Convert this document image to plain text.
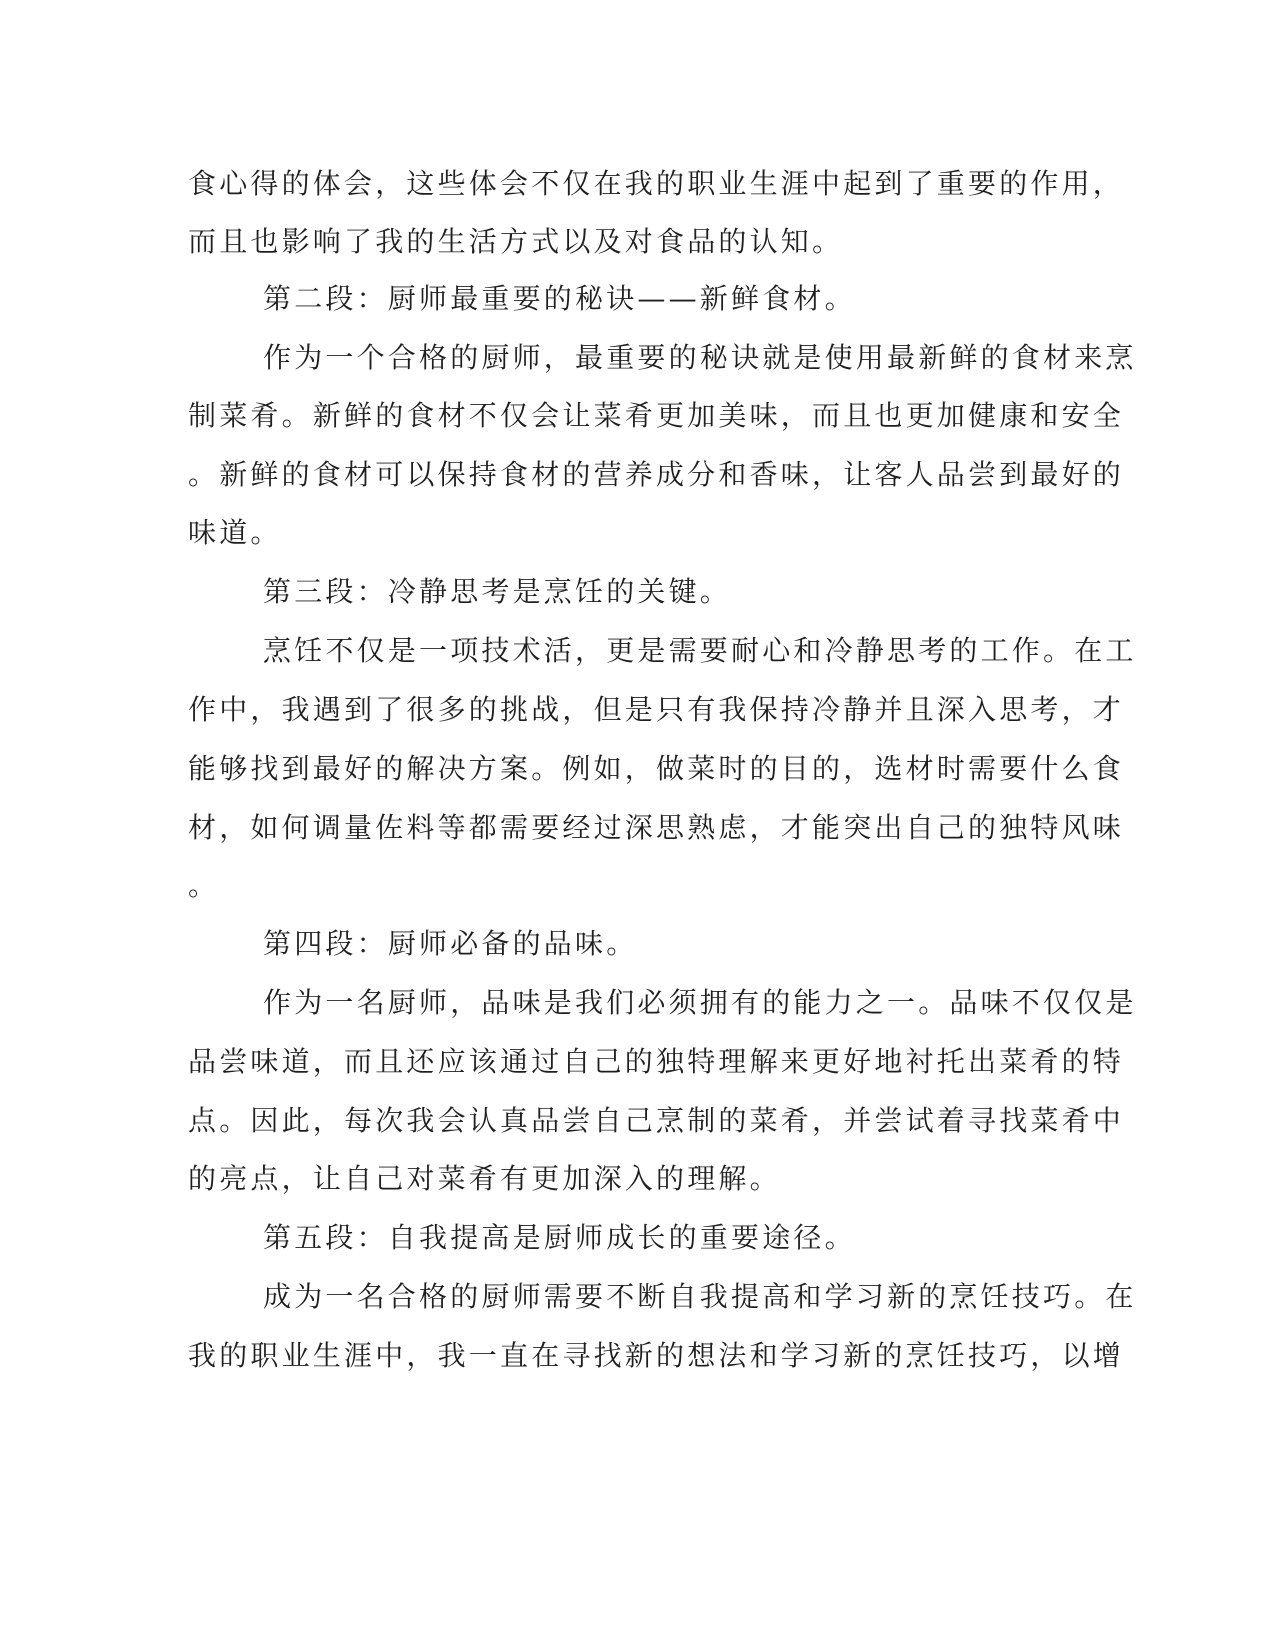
食心得的体会，这些体会不仅在我的职业生涯中起到了重要的作用，
而且也影响了我的生活方式以及对食品的认知。
第二段：厨师最重要的秘诀——新鲜食材。
作为一个合格的厨师，最重要的秘诀就是使用最新鲜的食材来烹
制菜肴。新鲜的食材不仅会让菜肴更加美味，而且也更加健康和安全
。新鲜的食材可以保持食材的营养成分和香味，让客人品尝到最好的
味道。
第三段：冷静思考是烹饪的关键。
烹饪不仅是一项技术活，更是需要耐心和冷静思考的工作。在工
作中，我遇到了很多的挑战，但是只有我保持冷静并且深入思考，才
能够找到最好的解决方案。例如，做菜时的目的，选材时需要什么食
材，如何调量佐料等都需要经过深思熟虑，才能突出自己的独特风味
。
第四段：厨师必备的品味。
作为一名厨师，品味是我们必须拥有的能力之一。品味不仅仅是
品尝味道，而且还应该通过自己的独特理解来更好地衬托出菜肴的特
点。因此，每次我会认真品尝自己烹制的菜肴，并尝试着寻找菜肴中
的亮点，让自己对菜肴有更加深入的理解。
第五段：自我提高是厨师成长的重要途径。
成为一名合格的厨师需要不断自我提高和学习新的烹饪技巧。在
我的职业生涯中，我一直在寻找新的想法和学习新的烹饪技巧，以增
